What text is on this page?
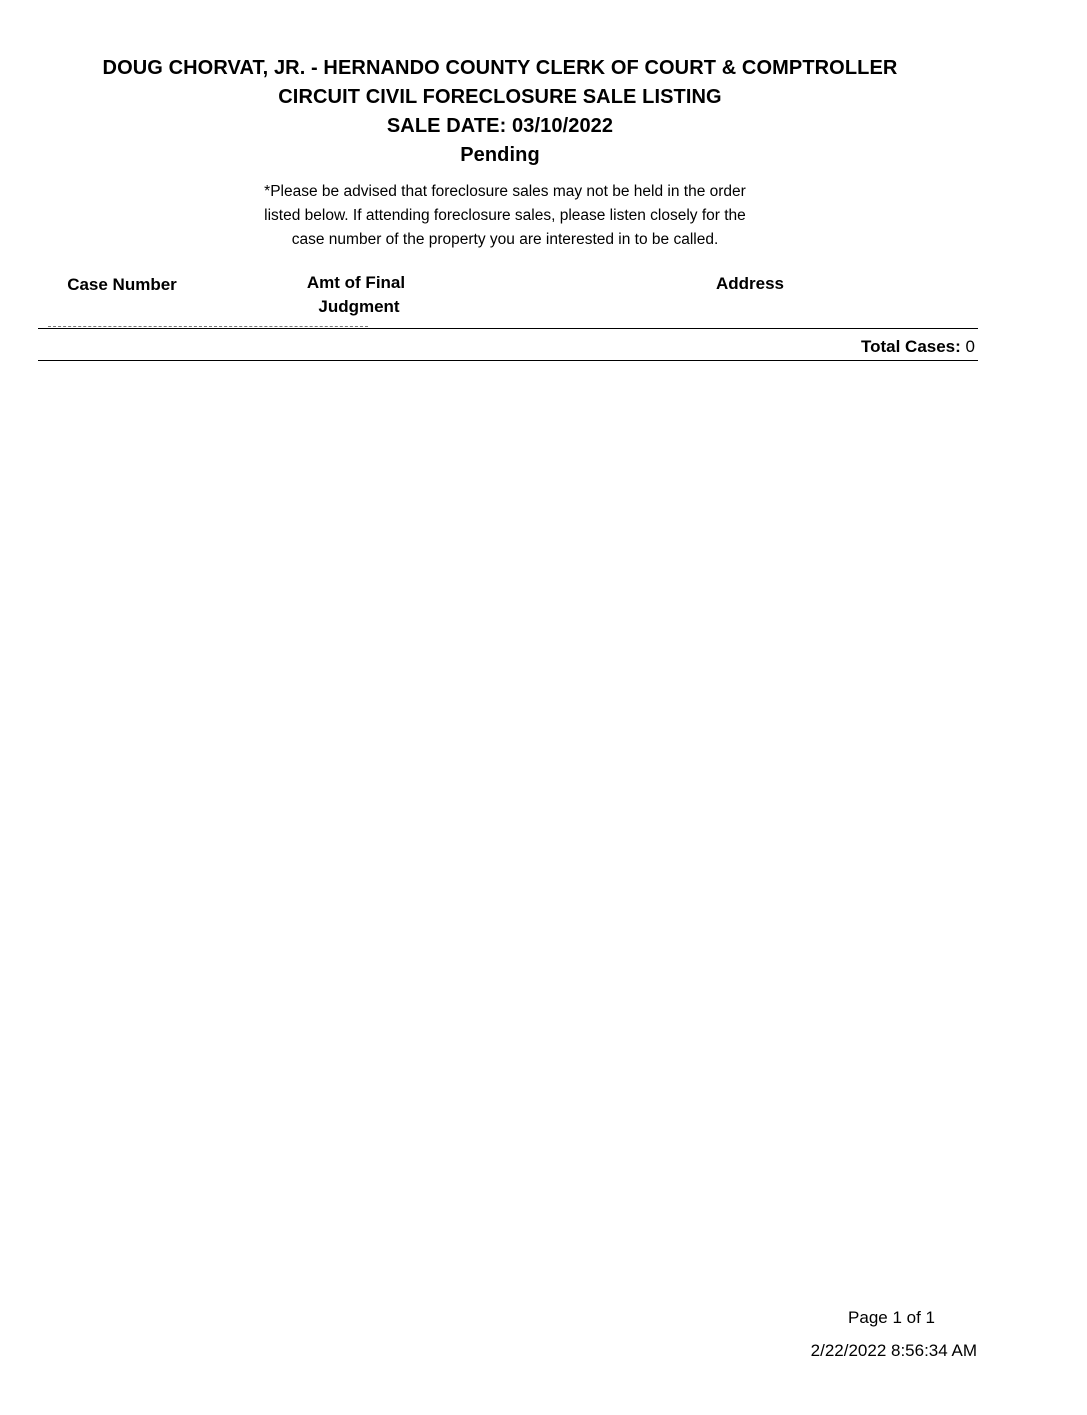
DOUG CHORVAT, JR. - HERNANDO COUNTY CLERK OF COURT & COMPTROLLER
CIRCUIT CIVIL FORECLOSURE SALE LISTING
SALE DATE: 03/10/2022
Pending
*Please be advised that foreclosure sales may not be held in the order
listed below. If attending foreclosure sales, please listen closely for the
case number of the property you are interested in to be called.
Case Number	Amt of Final
Judgment
Address
Total Cases: 0
Page 1 of 1
2/22/2022 8:56:34 AM
